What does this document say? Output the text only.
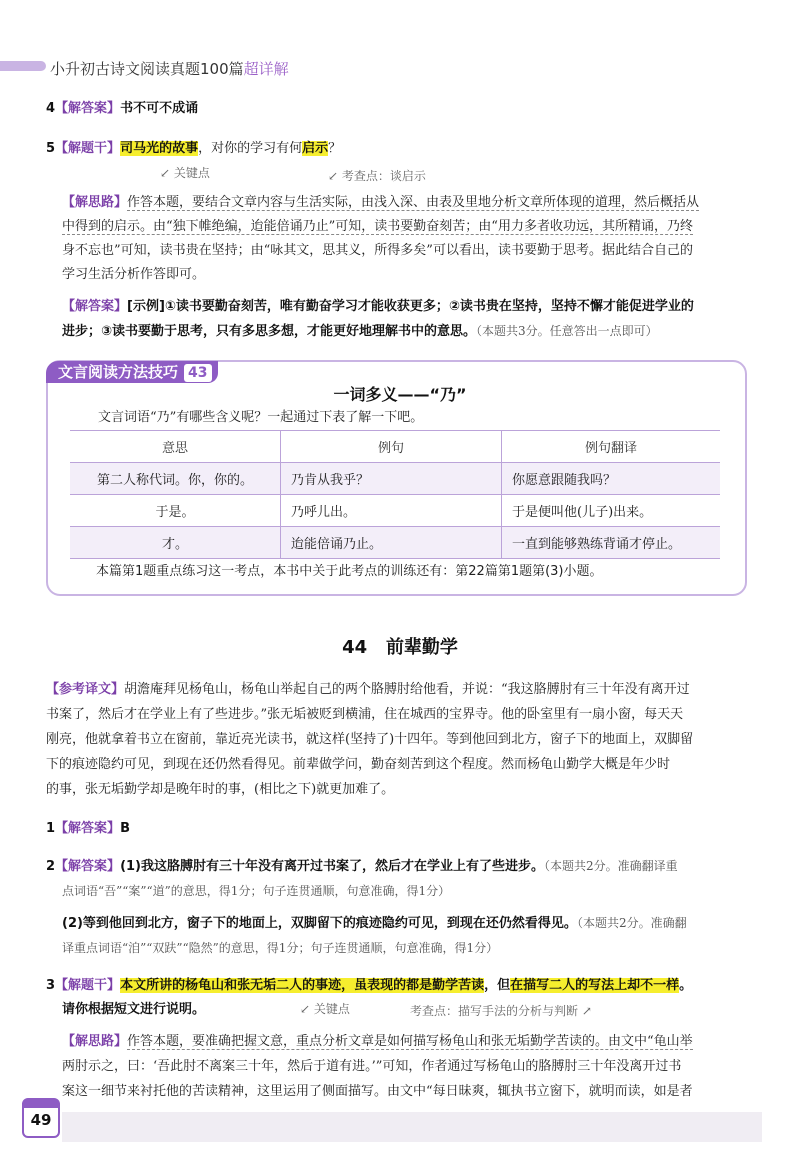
小升初古诗文阅读真题100篇超详解
4【解答案】书不可不成诵
5【解题干】司马光的故事，对你的学习有何启示？
↙ 关键点	↙ 考查点：谈启示
【解思路】作答本题，要结合文章内容与生活实际，由浅入深、由表及里地分析文章所体现的道理，然后概括从
中得到的启示。由“独下帷绝编，迨能倍诵乃止”可知，读书要勤奋刻苦；由“用力多者收功远，其所精诵，乃终
身不忘也”可知，读书贵在坚持；由“咏其文，思其义，所得多矣”可以看出，读书要勤于思考。据此结合自己的
学习生活分析作答即可。
【解答案】[示例]①读书要勤奋刻苦，唯有勤奋学习才能收获更多；②读书贵在坚持，坚持不懈才能促进学业的
进步；③读书要勤于思考，只有多思多想，才能更好地理解书中的意思。（本题共3分。任意答出一点即可）
文言阅读方法技巧 43
一词多义——“乃”
文言词语“乃”有哪些含义呢？一起通过下表了解一下吧。
意思	例句	例句翻译
第二人称代词。你，你的。	乃肯从我乎？	你愿意跟随我吗？
于是。	乃呼儿出。	于是便叫他(儿子)出来。
才。	迨能倍诵乃止。	一直到能够熟练背诵才停止。
本篇第1题重点练习这一考点，本书中关于此考点的训练还有：第22篇第1题第(3)小题。
44 前辈勤学
【参考译文】胡澹庵拜见杨龟山，杨龟山举起自己的两个胳膊肘给他看，并说：“我这胳膊肘有三十年没有离开过
书案了，然后才在学业上有了些进步。”张无垢被贬到横浦，住在城西的宝界寺。他的卧室里有一扇小窗，每天天
刚亮，他就拿着书立在窗前，靠近亮光读书，就这样(坚持了)十四年。等到他回到北方，窗子下的地面上，双脚留
下的痕迹隐约可见，到现在还仍然看得见。前辈做学问，勤奋刻苦到这个程度。然而杨龟山勤学大概是年少时
的事，张无垢勤学却是晚年时的事，(相比之下)就更加难了。
1【解答案】B
2【解答案】(1)我这胳膊肘有三十年没有离开过书案了，然后才在学业上有了些进步。（本题共2分。准确翻译重
点词语“吾”“案”“道”的意思，得1分；句子连贯通顺，句意准确，得1分）
(2)等到他回到北方，窗子下的地面上，双脚留下的痕迹隐约可见，到现在还仍然看得见。（本题共2分。准确翻
译重点词语“洎”“双趺”“隐然”的意思，得1分；句子连贯通顺，句意准确，得1分）
3【解题干】本文所讲的杨龟山和张无垢二人的事迹，虽表现的都是勤学苦读，但在描写二人的写法上却不一样。
请你根据短文进行说明。	↙ 关键点	考查点：描写手法的分析与判断 ↗
【解思路】作答本题，要准确把握文意，重点分析文章是如何描写杨龟山和张无垢勤学苦读的。由文中“龟山举
两肘示之，曰：‘吾此肘不离案三十年，然后于道有进。’”可知，作者通过写杨龟山的胳膊肘三十年没离开过书
案这一细节来衬托他的苦读精神，这里运用了侧面描写。由文中“每日昧爽，辄执书立窗下，就明而读，如是者
49
